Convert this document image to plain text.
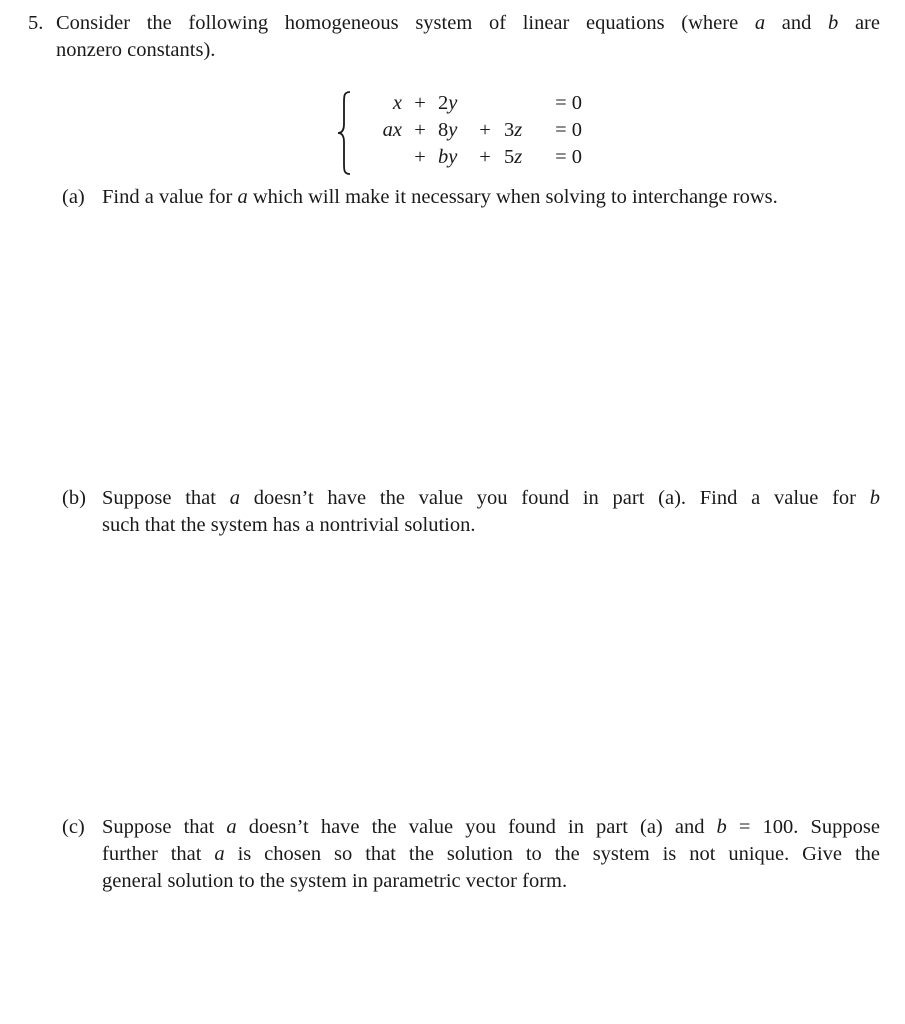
5. Consider the following homogeneous system of linear equations (where a and b are
nonzero constants).
x	+	2y			= 0
ax	+	8y	+	3z	= 0
	+	by	+	5z	= 0
(a) Find a value for a which will make it necessary when solving to interchange rows.
(b) Suppose that a doesn’t have the value you found in part (a). Find a value for b
such that the system has a nontrivial solution.
(c) Suppose that a doesn’t have the value you found in part (a) and b = 100. Suppose
further that a is chosen so that the solution to the system is not unique. Give the
general solution to the system in parametric vector form.
